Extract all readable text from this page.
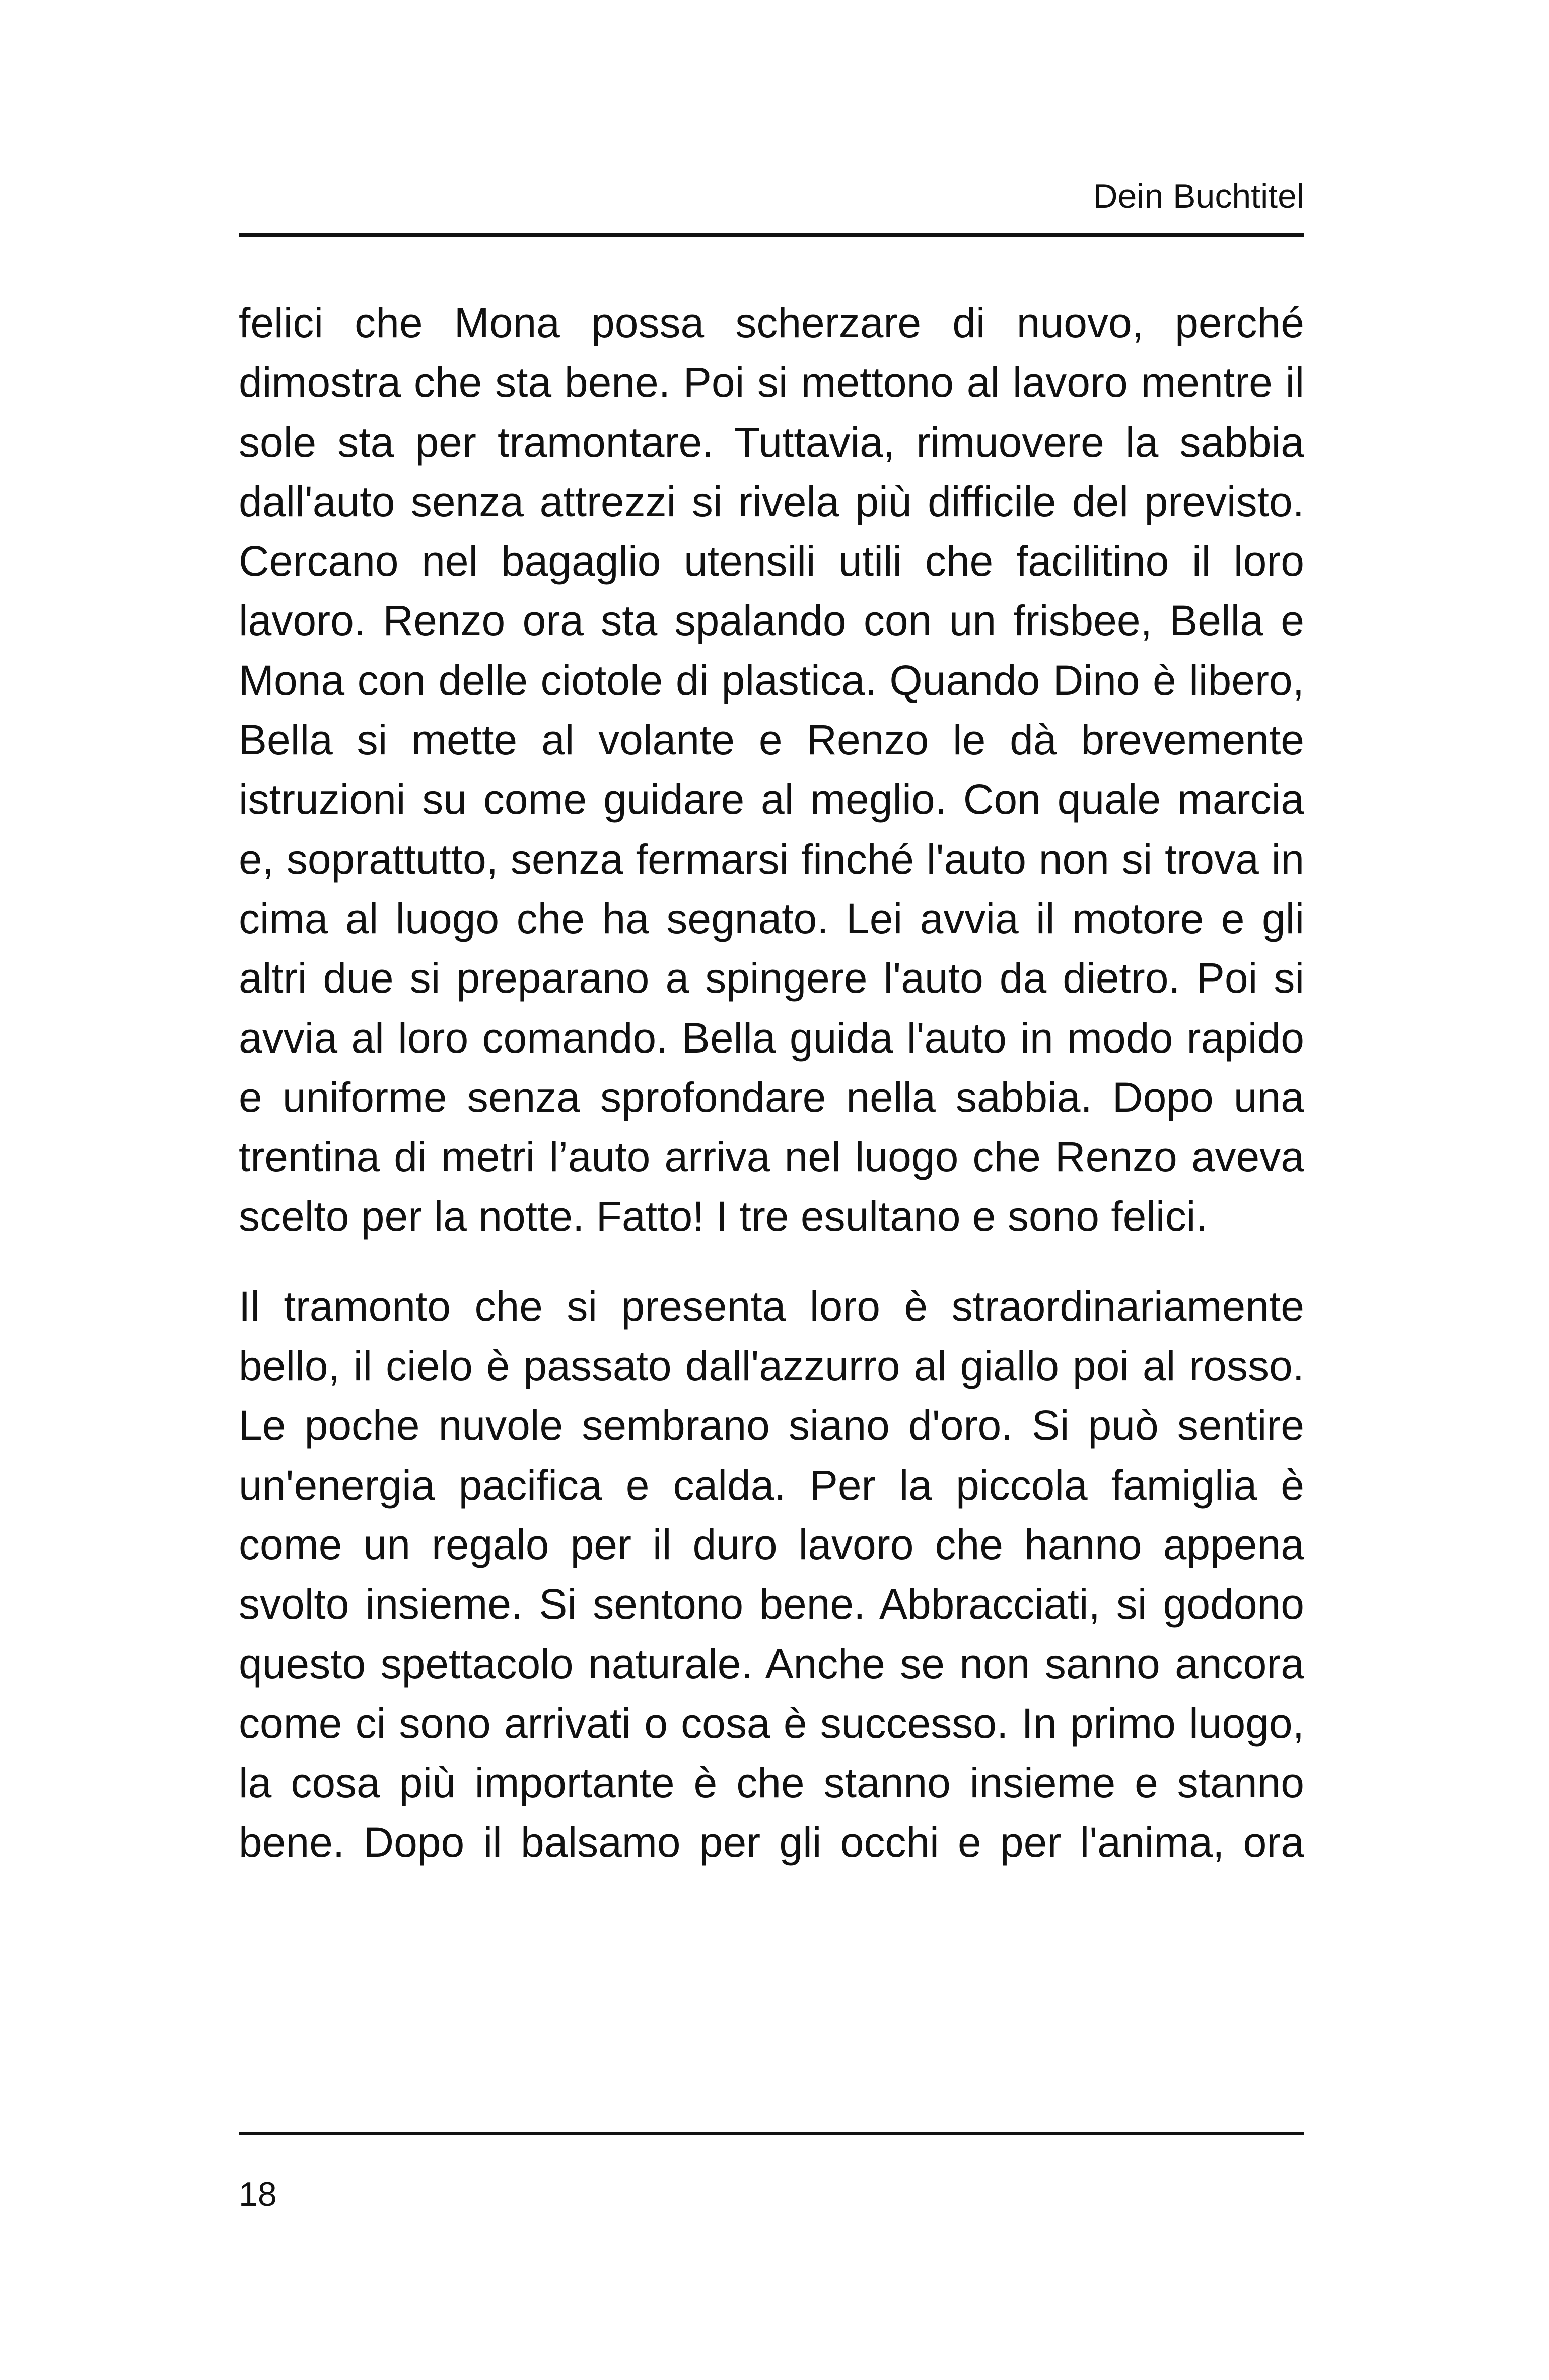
Dein Buchtitel

felici che Mona possa scherzare di nuovo, perché dimostra che sta bene. Poi si mettono al lavoro mentre il sole sta per tramontare. Tuttavia, rimuovere la sabbia dall'auto senza attrezzi si rivela più difficile del previsto. Cercano nel bagaglio utensili utili che facilitino il loro lavoro. Renzo ora sta spalando con un frisbee, Bella e Mona con delle ciotole di plastica. Quando Dino è libero, Bella si mette al volante e Renzo le dà brevemente istruzioni su come guidare al meglio. Con quale marcia e, soprattutto, senza fermarsi finché l'auto non si trova in cima al luogo che ha segnato. Lei avvia il motore e gli altri due si preparano a spingere l'auto da dietro. Poi si avvia al loro comando. Bella guida l'auto in modo rapido e uniforme senza sprofondare nella sabbia. Dopo una trentina di metri l’auto arriva nel luogo che Renzo aveva scelto per la notte. Fatto! I tre esultano e sono felici.

Il tramonto che si presenta loro è straordinariamente bello, il cielo è passato dall'azzurro al giallo poi al rosso. Le poche nuvole sembrano siano d'oro. Si può sentire un'energia pacifica e calda. Per la piccola famiglia è come un regalo per il duro lavoro che hanno appena svolto insieme. Si sentono bene. Abbracciati, si godono questo spettacolo naturale. Anche se non sanno ancora come ci sono arrivati o cosa è successo. In primo luogo, la cosa più importante è che stanno insieme e stanno bene. Dopo il balsamo per gli occhi e per l'anima, ora

18
